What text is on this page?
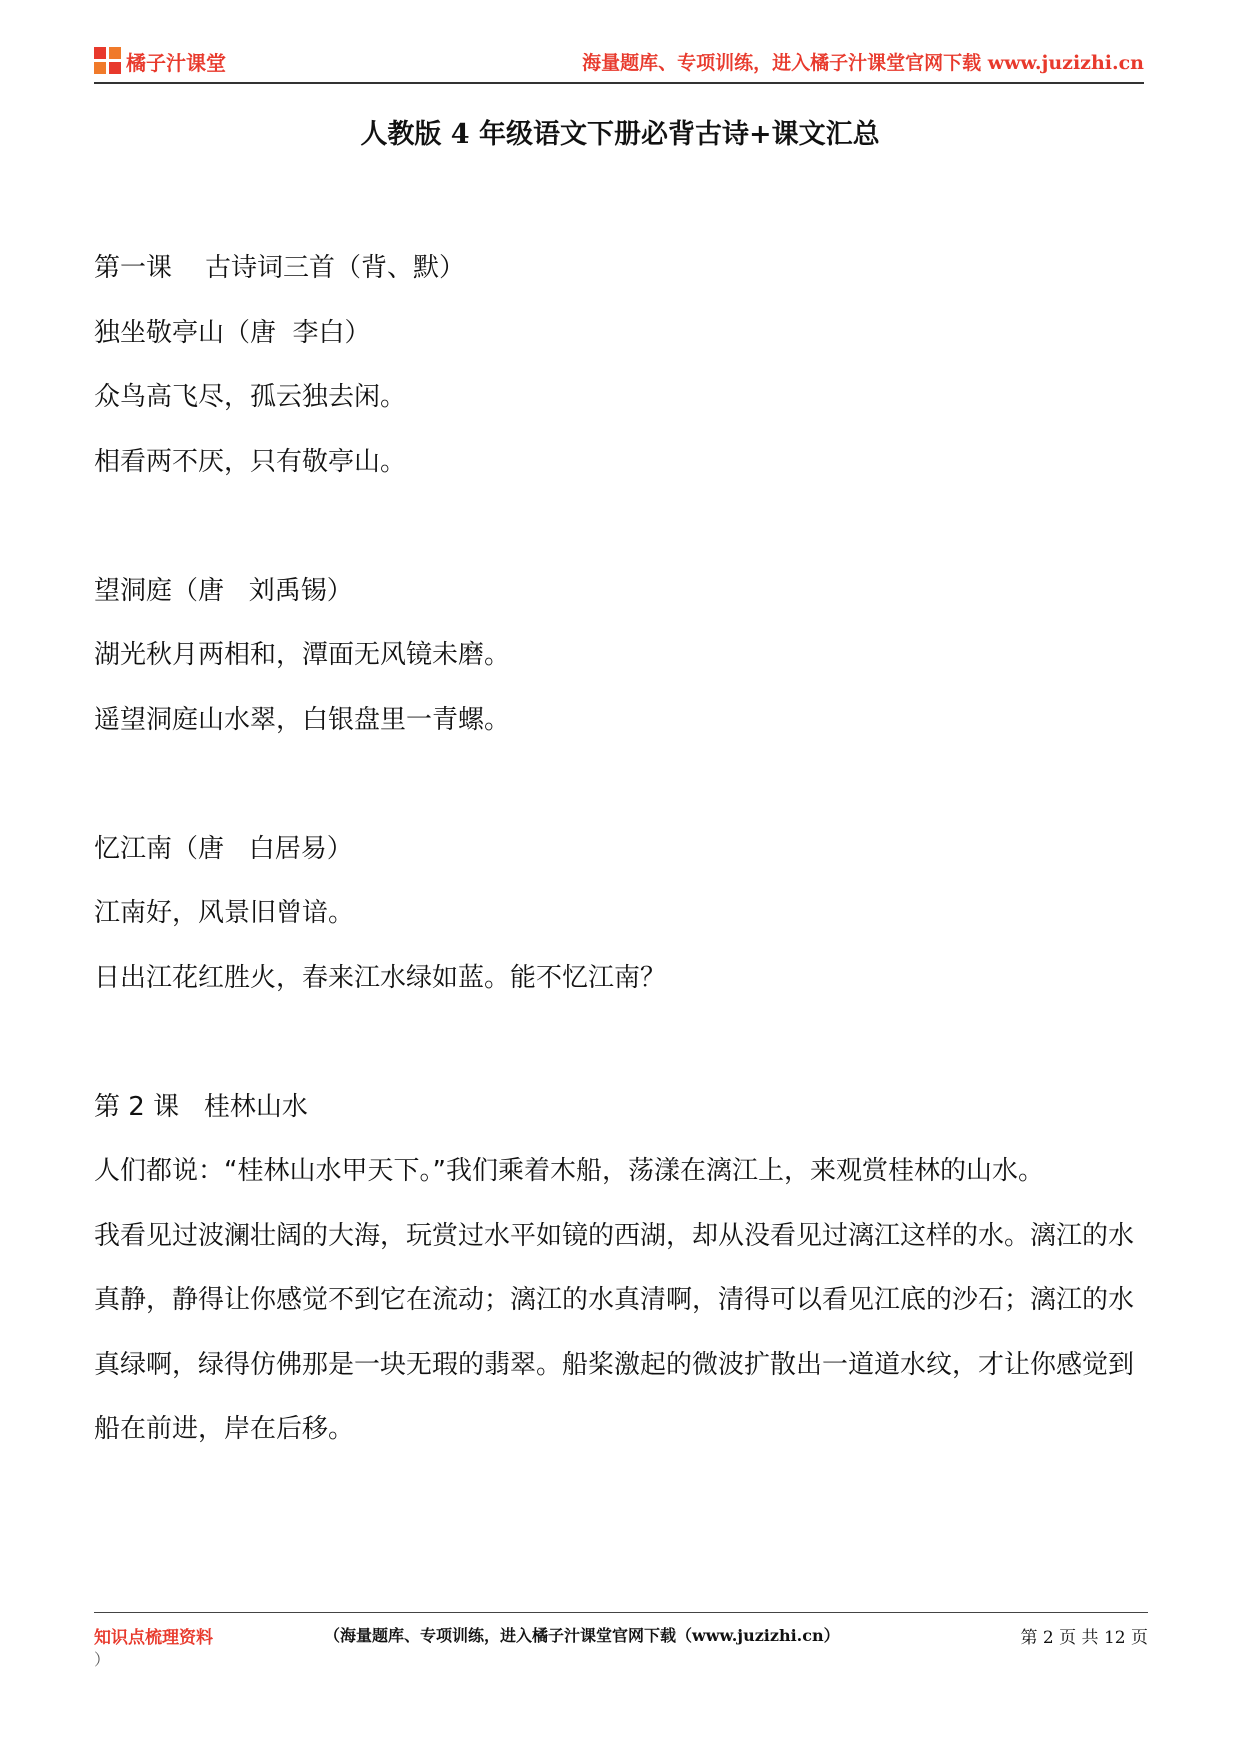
橘子汁课堂	海量题库、专项训练，进入橘子汁课堂官网下载 www.juzizhi.cn
人教版 4 年级语文下册必背古诗+课文汇总
第一课    古诗词三首（背、默）
独坐敬亭山（唐  李白）
众鸟高飞尽，孤云独去闲。
相看两不厌，只有敬亭山。
望洞庭（唐   刘禹锡）
湖光秋月两相和，潭面无风镜未磨。
遥望洞庭山水翠，白银盘里一青螺。
忆江南（唐   白居易）
江南好，风景旧曾谙。
日出江花红胜火，春来江水绿如蓝。能不忆江南？
第 2 课   桂林山水
人们都说：“桂林山水甲天下。”我们乘着木船，荡漾在漓江上，来观赏桂林的山水。
我看见过波澜壮阔的大海，玩赏过水平如镜的西湖，却从没看见过漓江这样的水。漓江的水真静，静得让你感觉不到它在流动；漓江的水真清啊，清得可以看见江底的沙石；漓江的水真绿啊，绿得仿佛那是一块无瑕的翡翠。船桨激起的微波扩散出一道道水纹，才让你感觉到船在前进，岸在后移。
知识点梳理资料	（海量题库、专项训练，进入橘子汁课堂官网下载（www.juzizhi.cn）	第 2 页 共 12 页
）
